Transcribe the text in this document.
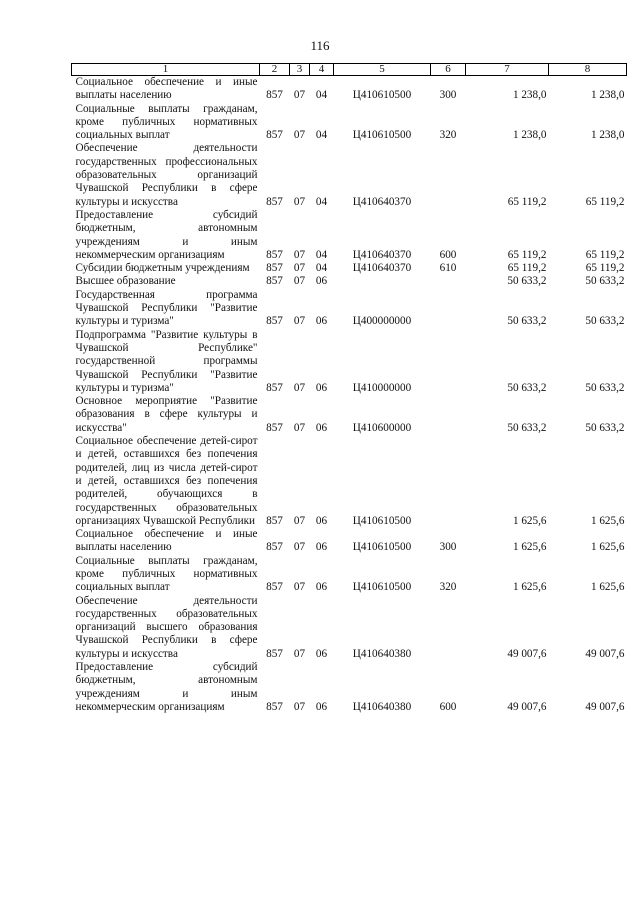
116
1	2	3	4	5	6	7	8
Социальное обеспечение и иные выплаты населению	857	07	04	Ц410610500	300	1 238,0	1 238,0
Социальные выплаты гражданам, кроме публичных нормативных социальных выплат	857	07	04	Ц410610500	320	1 238,0	1 238,0
Обеспечение деятельности государственных профессиональных образовательных организаций Чувашской Республики в сфере культуры и искусства	857	07	04	Ц410640370		65 119,2	65 119,2
Предоставление субсидий бюджетным, автономным учреждениям и иным некоммерческим организациям	857	07	04	Ц410640370	600	65 119,2	65 119,2
Субсидии бюджетным учреждениям	857	07	04	Ц410640370	610	65 119,2	65 119,2
Высшее образование	857	07	06			50 633,2	50 633,2
Государственная программа Чувашской Республики "Развитие культуры и туризма"	857	07	06	Ц400000000		50 633,2	50 633,2
Подпрограмма "Развитие культуры в Чувашской Республике" государственной программы Чувашской Республики "Развитие культуры и туризма"	857	07	06	Ц410000000		50 633,2	50 633,2
Основное мероприятие "Развитие образования в сфере культуры и искусства"	857	07	06	Ц410600000		50 633,2	50 633,2
Социальное обеспечение детей-сирот и детей, оставшихся без попечения родителей, лиц из числа детей-сирот и детей, оставшихся без попечения родителей, обучающихся в государственных образовательных организациях Чувашской Республики	857	07	06	Ц410610500		1 625,6	1 625,6
Социальное обеспечение и иные выплаты населению	857	07	06	Ц410610500	300	1 625,6	1 625,6
Социальные выплаты гражданам, кроме публичных нормативных социальных выплат	857	07	06	Ц410610500	320	1 625,6	1 625,6
Обеспечение деятельности государственных образовательных организаций высшего образования Чувашской Республики в сфере культуры и искусства	857	07	06	Ц410640380		49 007,6	49 007,6
Предоставление субсидий бюджетным, автономным учреждениям и иным некоммерческим организациям	857	07	06	Ц410640380	600	49 007,6	49 007,6
